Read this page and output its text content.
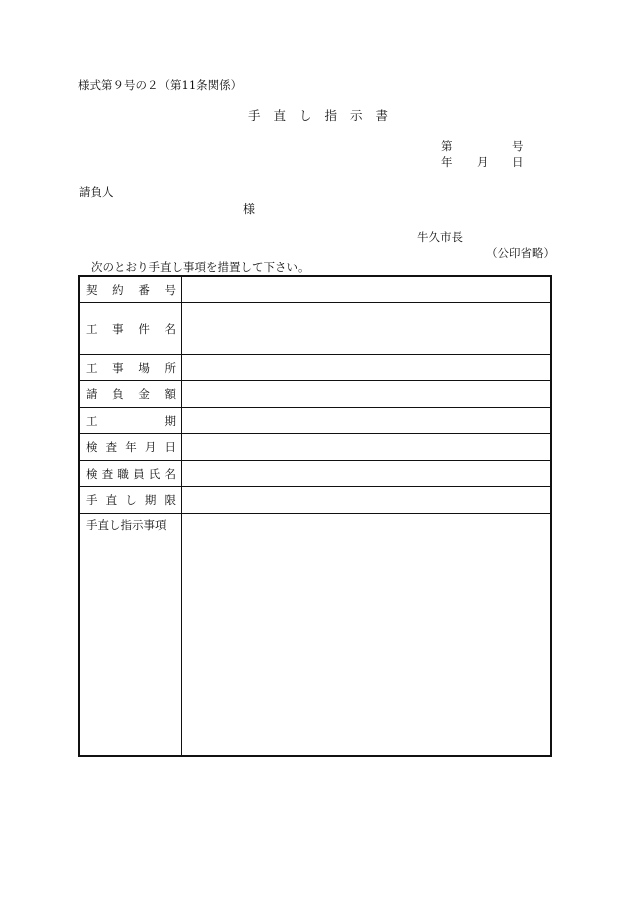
様式第９号の２（第11条関係）
手直し指示書
第	号
年 月 日
請負人
様
牛久市長
（公印省略）
次のとおり手直し事項を措置して下さい。
契 約 番 号
工 事 件 名
工 事 場 所
請 負 金 額
工	期
検 査 年 月 日
検 査 職 員 氏 名
手 直 し 期 限
手直し指示事項
